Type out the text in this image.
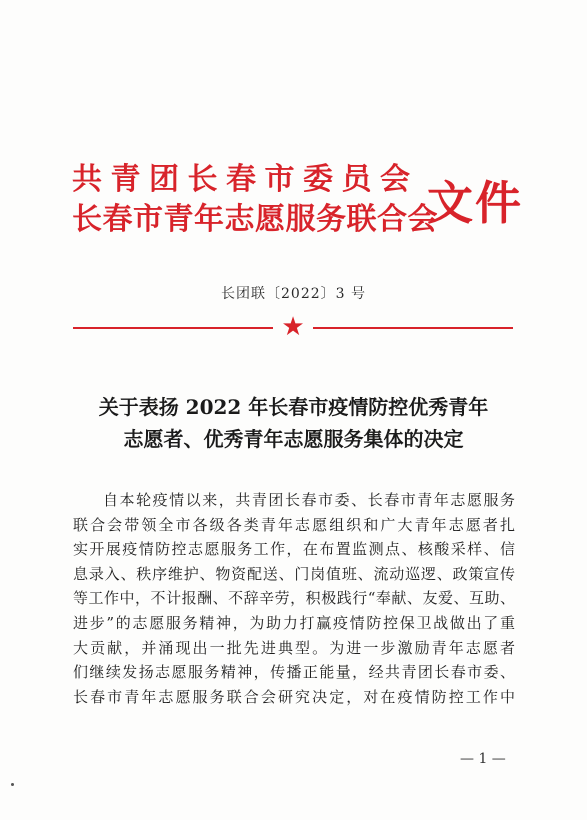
共青团长春市委员会
长春市青年志愿服务联合会
文件
长团联〔2022〕3 号
★
关于表扬 2022 年长春市疫情防控优秀青年
志愿者、优秀青年志愿服务集体的决定
自本轮疫情以来，共青团长春市委、长春市青年志愿服务
联合会带领全市各级各类青年志愿组织和广大青年志愿者扎
实开展疫情防控志愿服务工作，在布置监测点、核酸采样、信
息录入、秩序维护、物资配送、门岗值班、流动巡逻、政策宣传
等工作中，不计报酬、不辞辛劳，积极践行“奉献、友爱、互助、
进步”的志愿服务精神，为助力打赢疫情防控保卫战做出了重
大贡献，并涌现出一批先进典型。为进一步激励青年志愿者
们继续发扬志愿服务精神，传播正能量，经共青团长春市委、
长春市青年志愿服务联合会研究决定，对在疫情防控工作中
— 1 —
